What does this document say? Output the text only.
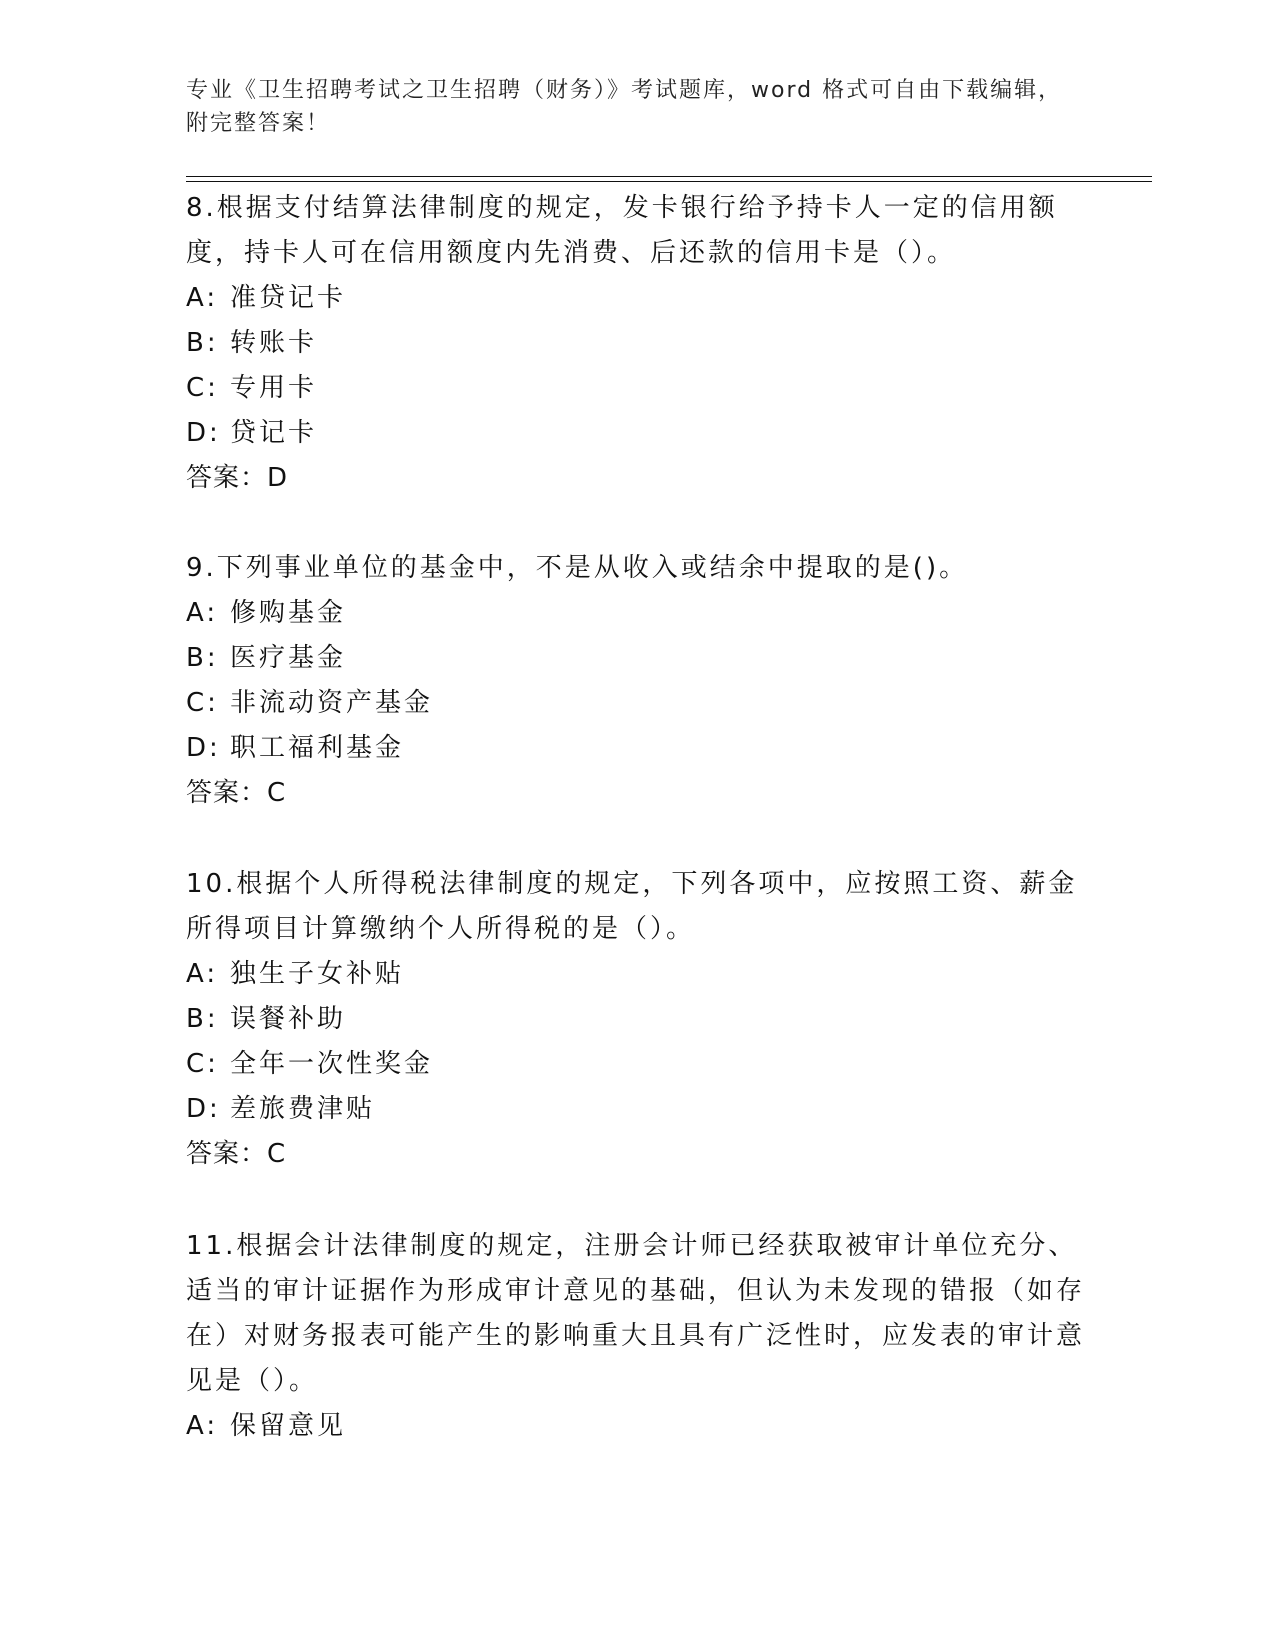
专业《卫生招聘考试之卫生招聘（财务）》考试题库，word 格式可自由下载编辑，附完整答案！

8.根据支付结算法律制度的规定，发卡银行给予持卡人一定的信用额度，持卡人可在信用额度内先消费、后还款的信用卡是（）。

A: 准贷记卡

B: 转账卡

C: 专用卡

D: 贷记卡

答案：D

9.下列事业单位的基金中，不是从收入或结余中提取的是()。

A: 修购基金

B: 医疗基金

C: 非流动资产基金

D: 职工福利基金

答案：C

10.根据个人所得税法律制度的规定，下列各项中，应按照工资、薪金所得项目计算缴纳个人所得税的是（）。

A: 独生子女补贴

B: 误餐补助

C: 全年一次性奖金

D: 差旅费津贴

答案：C

11.根据会计法律制度的规定，注册会计师已经获取被审计单位充分、适当的审计证据作为形成审计意见的基础，但认为未发现的错报（如存在）对财务报表可能产生的影响重大且具有广泛性时，应发表的审计意见是（）。

A: 保留意见
